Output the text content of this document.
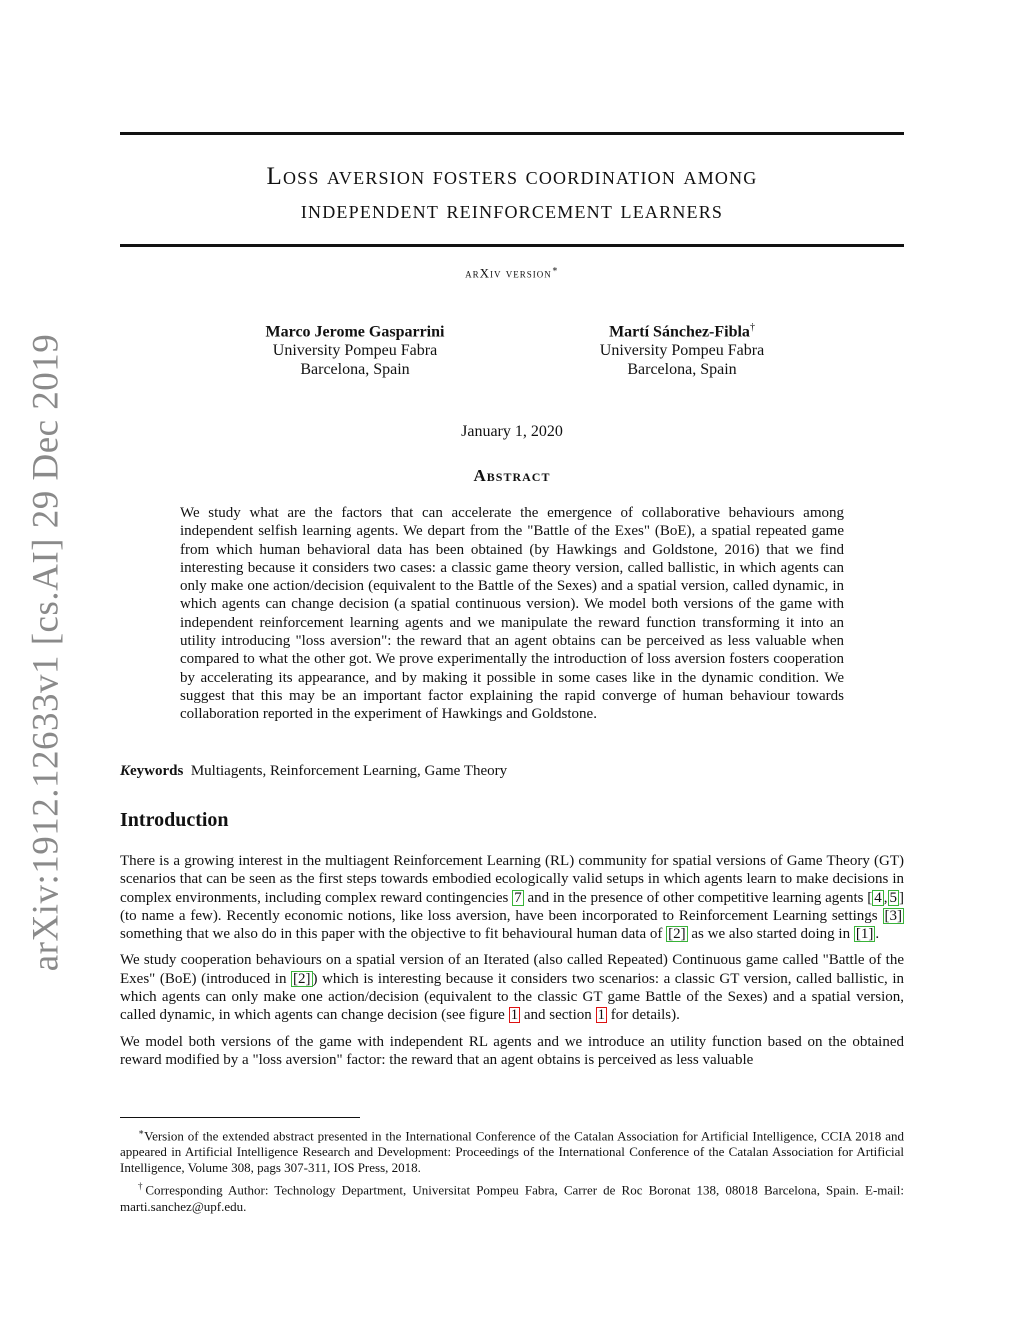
arXiv:1912.12633v1 [cs.AI] 29 Dec 2019
Loss aversion fosters coordination among
independent reinforcement learners
arXiv version∗
Marco Jerome Gasparrini
University Pompeu Fabra
Barcelona, Spain
Martí Sánchez-Fibla†
University Pompeu Fabra
Barcelona, Spain
January 1, 2020
Abstract
We study what are the factors that can accelerate the emergence of collaborative behaviours among independent selfish learning agents. We depart from the "Battle of the Exes" (BoE), a spatial repeated game from which human behavioral data has been obtained (by Hawkings and Goldstone, 2016) that we find interesting because it considers two cases: a classic game theory version, called ballistic, in which agents can only make one action/decision (equivalent to the Battle of the Sexes) and a spatial version, called dynamic, in which agents can change decision (a spatial continuous version). We model both versions of the game with independent reinforcement learning agents and we manipulate the reward function transforming it into an utility introducing "loss aversion": the reward that an agent obtains can be perceived as less valuable when compared to what the other got. We prove experimentally the introduction of loss aversion fosters cooperation by accelerating its appearance, and by making it possible in some cases like in the dynamic condition. We suggest that this may be an important factor explaining the rapid converge of human behaviour towards collaboration reported in the experiment of Hawkings and Goldstone.
Keywords Multiagents, Reinforcement Learning, Game Theory
Introduction

There is a growing interest in the multiagent Reinforcement Learning (RL) community for spatial versions of Game Theory (GT) scenarios that can be seen as the first steps towards embodied ecologically valid setups in which agents learn to make decisions in complex environments, including complex reward contingencies 7 and in the presence of other competitive learning agents [ 4 , 5 ] (to name a few). Recently economic notions, like loss aversion, have been incorporated to Reinforcement Learning settings [3] something that we also do in this paper with the objective to fit behavioural human data of [2] as we also started doing in [1] .

We study cooperation behaviours on a spatial version of an Iterated (also called Repeated) Continuous game called "Battle of the Exes" (BoE) (introduced in [2] ) which is interesting because it considers two scenarios: a classic GT version, called ballistic, in which agents can only make one action/decision (equivalent to the classic GT game Battle of the Sexes) and a spatial version, called dynamic, in which agents can change decision (see figure 1 and section 1 for details).

We model both versions of the game with independent RL agents and we introduce an utility function based on the obtained reward modified by a "loss aversion" factor: the reward that an agent obtains is perceived as less valuable

∗Version of the extended abstract presented in the International Conference of the Catalan Association for Artificial Intelligence, CCIA 2018 and appeared in Artificial Intelligence Research and Development: Proceedings of the International Conference of the Catalan Association for Artificial Intelligence, Volume 308, pags 307-311, IOS Press, 2018.

†Corresponding Author: Technology Department, Universitat Pompeu Fabra, Carrer de Roc Boronat 138, 08018 Barcelona, Spain. E-mail: marti.sanchez@upf.edu.
